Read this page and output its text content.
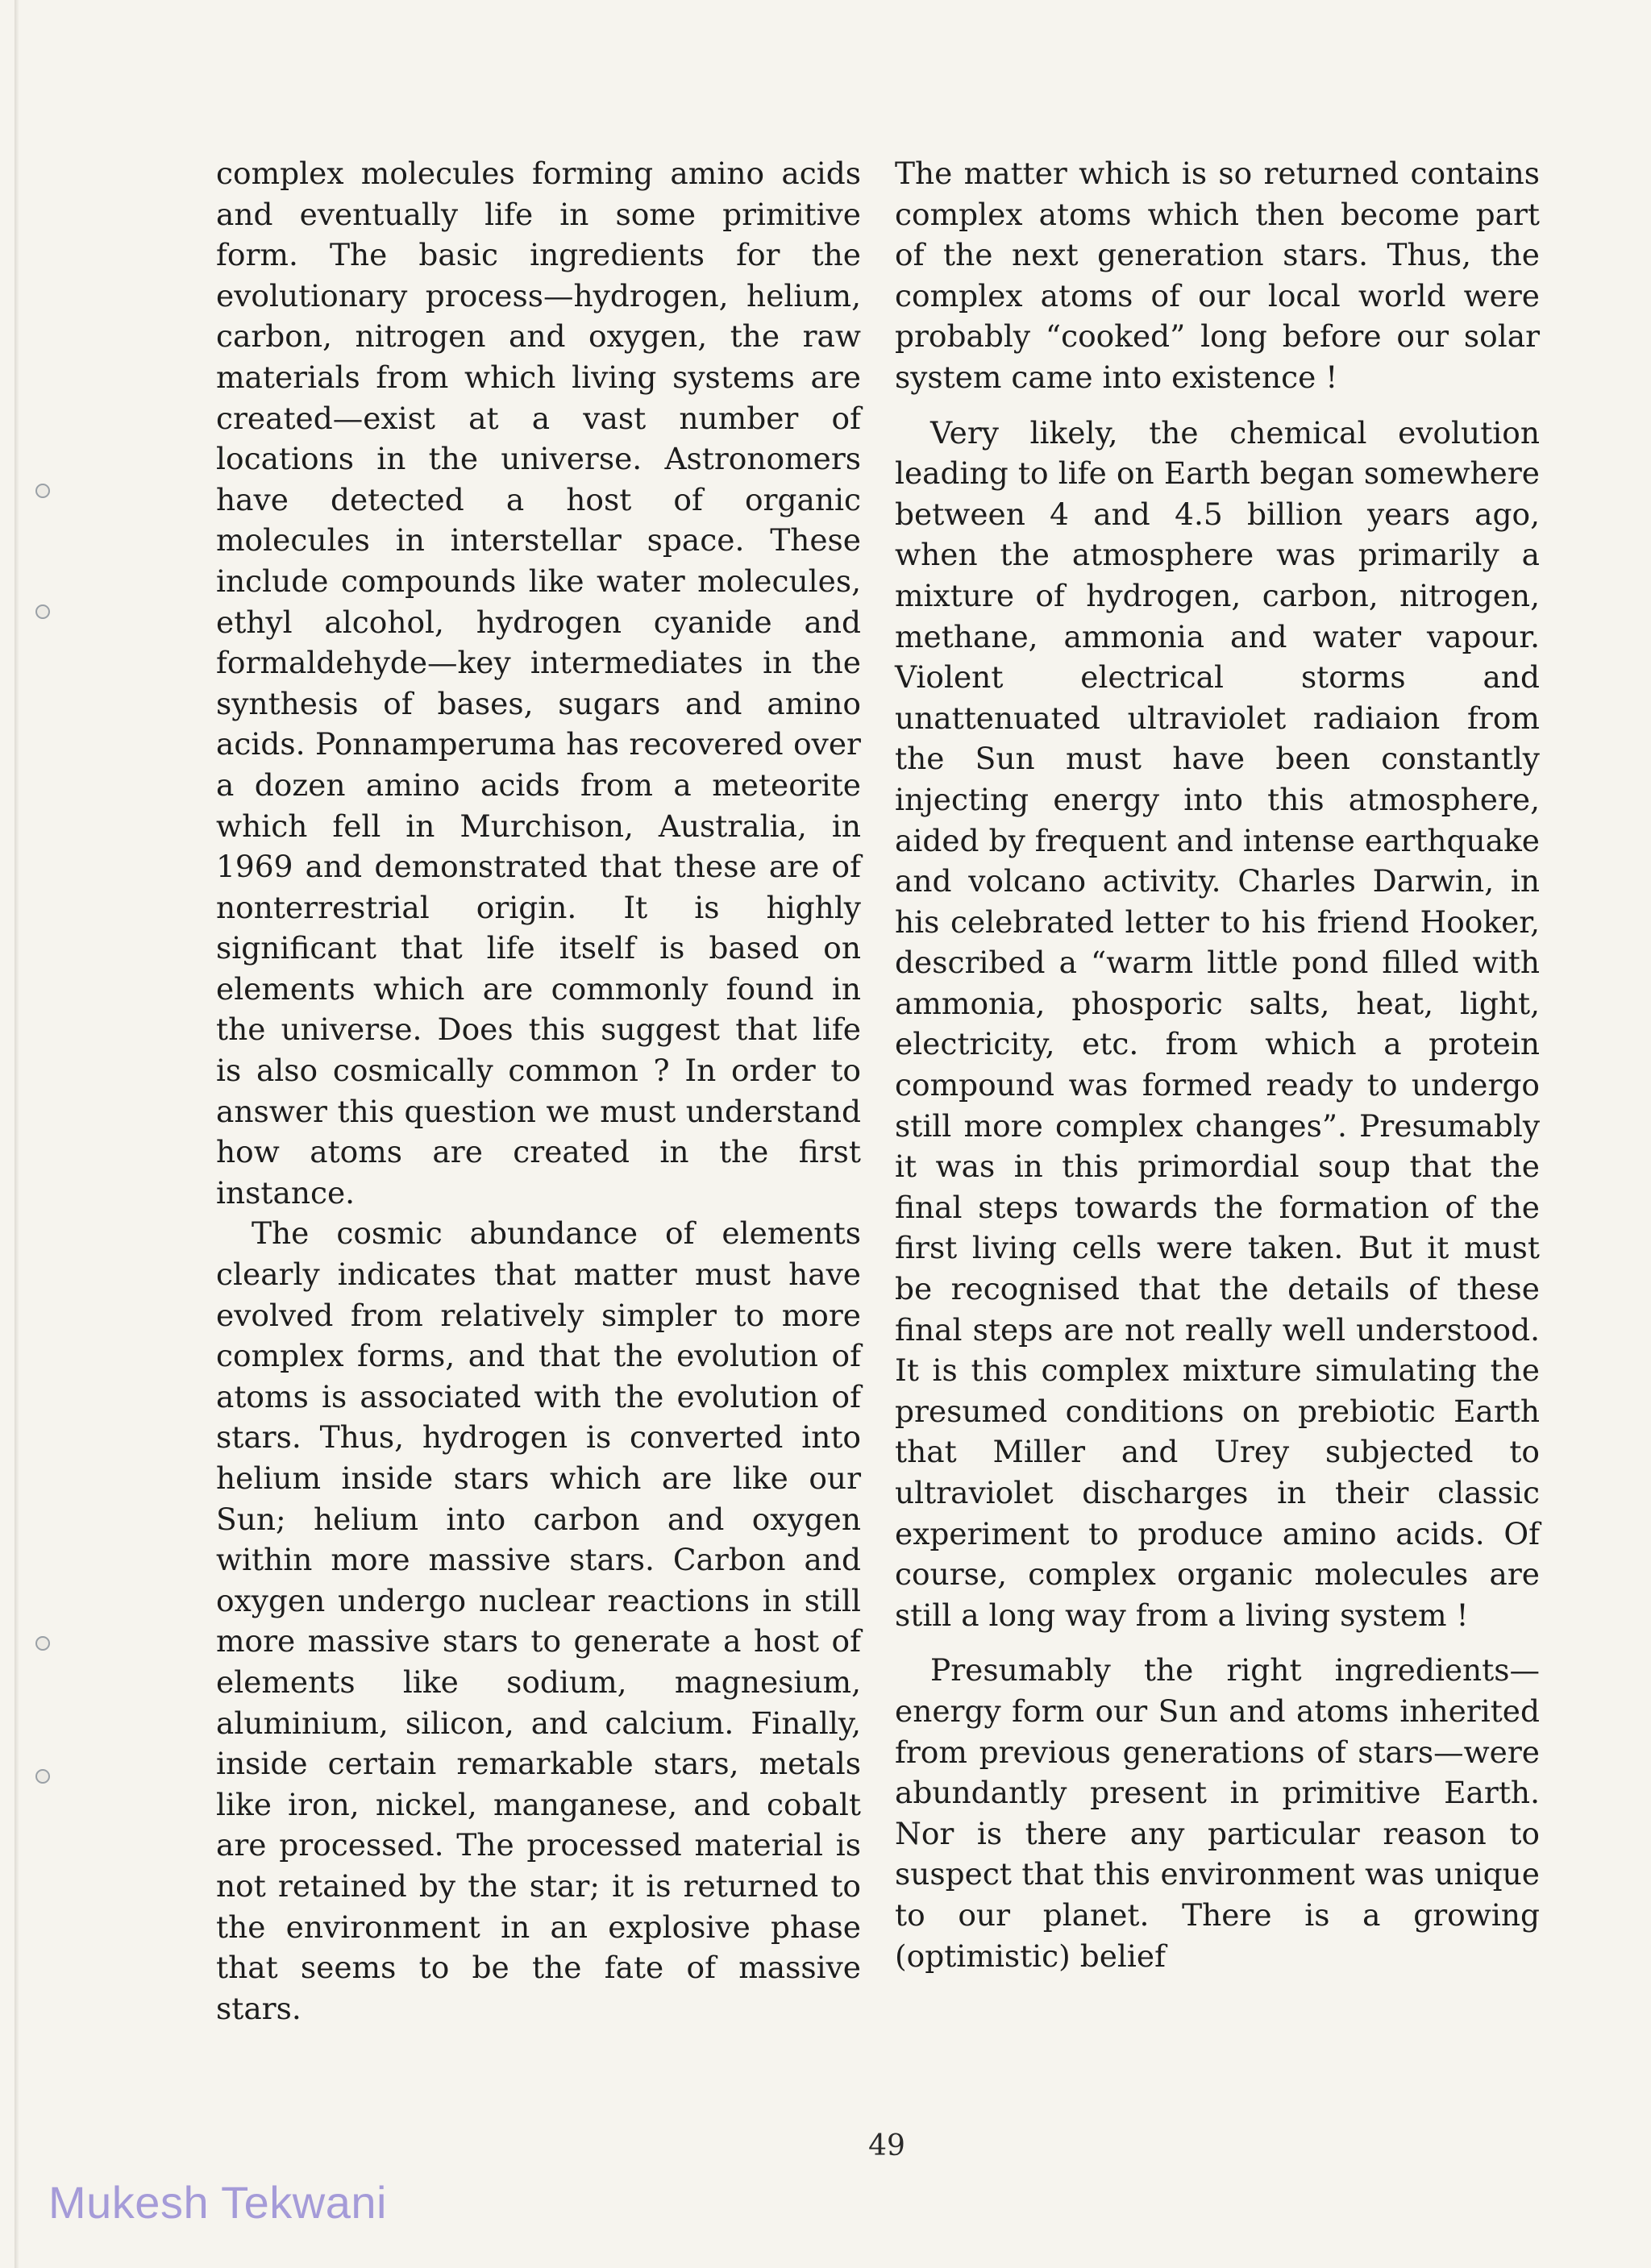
complex molecules forming amino acids and eventually life in some primitive form. The basic ingredients for the evolutionary process—hydrogen, helium, carbon, nitrogen and oxygen, the raw materials from which living systems are created—exist at a vast number of locations in the universe. Astronomers have detected a host of organic molecules in interstellar space. These include compounds like water molecules, ethyl alcohol, hydrogen cyanide and formaldehyde—key intermediates in the synthesis of bases, sugars and amino acids. Ponnamperuma has recovered over a dozen amino acids from a meteorite which fell in Murchison, Australia, in 1969 and demonstrated that these are of nonterrestrial origin. It is highly significant that life itself is based on elements which are commonly found in the universe. Does this suggest that life is also cosmically common ? In order to answer this question we must understand how atoms are created in the first instance.

The cosmic abundance of elements clearly indicates that matter must have evolved from relatively simpler to more complex forms, and that the evolution of atoms is associated with the evolution of stars. Thus, hydrogen is converted into helium inside stars which are like our Sun; helium into carbon and oxygen within more massive stars. Carbon and oxygen undergo nuclear reactions in still more massive stars to generate a host of elements like sodium, magnesium, aluminium, silicon, and calcium. Finally, inside certain remarkable stars, metals like iron, nickel, manganese, and cobalt are processed. The processed material is not retained by the star; it is returned to the environment in an explosive phase that seems to be the fate of massive stars.

The matter which is so returned contains complex atoms which then become part of the next generation stars. Thus, the complex atoms of our local world were probably “cooked” long before our solar system came into existence !

Very likely, the chemical evolution leading to life on Earth began somewhere between 4 and 4.5 billion years ago, when the atmosphere was primarily a mixture of hydrogen, carbon, nitrogen, methane, ammonia and water vapour. Violent electrical storms and unattenuated ultraviolet radiaion from the Sun must have been constantly injecting energy into this atmosphere, aided by frequent and intense earthquake and volcano activity. Charles Darwin, in his celebrated letter to his friend Hooker, described a “warm little pond filled with ammonia, phosporic salts, heat, light, electricity, etc. from which a protein compound was formed ready to undergo still more complex changes”. Presumably it was in this primordial soup that the final steps towards the formation of the first living cells were taken. But it must be recognised that the details of these final steps are not really well understood. It is this complex mixture simulating the presumed conditions on prebiotic Earth that Miller and Urey subjected to ultraviolet discharges in their classic experiment to produce amino acids. Of course, complex organic molecules are still a long way from a living system !

Presumably the right ingredients— energy form our Sun and atoms inherited from previous generations of stars—were abundantly present in primitive Earth. Nor is there any particular reason to suspect that this environment was unique to our planet. There is a growing (optimistic) belief

49
Mukesh Tekwani
